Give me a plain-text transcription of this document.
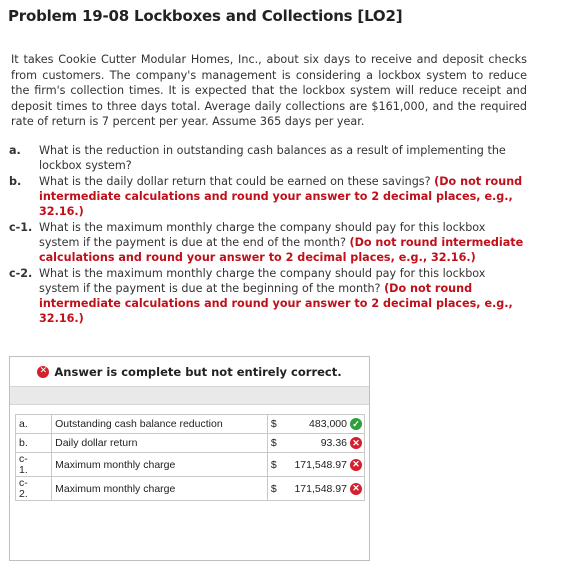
Problem 19-08 Lockboxes and Collections [LO2]
It takes Cookie Cutter Modular Homes, Inc., about six days to receive and deposit checks from customers. The company's management is considering a lockbox system to reduce the firm's collection times. It is expected that the lockbox system will reduce receipt and deposit times to three days total. Average daily collections are $161,000, and the required rate of return is 7 percent per year. Assume 365 days per year.
a.	What is the reduction in outstanding cash balances as a result of implementing the lockbox system?
b.	What is the daily dollar return that could be earned on these savings? (Do not round intermediate calculations and round your answer to 2 decimal places, e.g., 32.16.)
c-1. What is the maximum monthly charge the company should pay for this lockbox system if the payment is due at the end of the month? (Do not round intermediate calculations and round your answer to 2 decimal places, e.g., 32.16.)
c-2. What is the maximum monthly charge the company should pay for this lockbox system if the payment is due at the beginning of the month? (Do not round intermediate calculations and round your answer to 2 decimal places, e.g., 32.16.)
✕ Answer is complete but not entirely correct.

a.	Outstanding cash balance reduction	$ 483,000 ✓

b.	Daily dollar return	$ 93.36 ✕

c-
1.	Maximum monthly charge	$ 171,548.97 ✕

c-
2.	Maximum monthly charge	$ 171,548.97 ✕
